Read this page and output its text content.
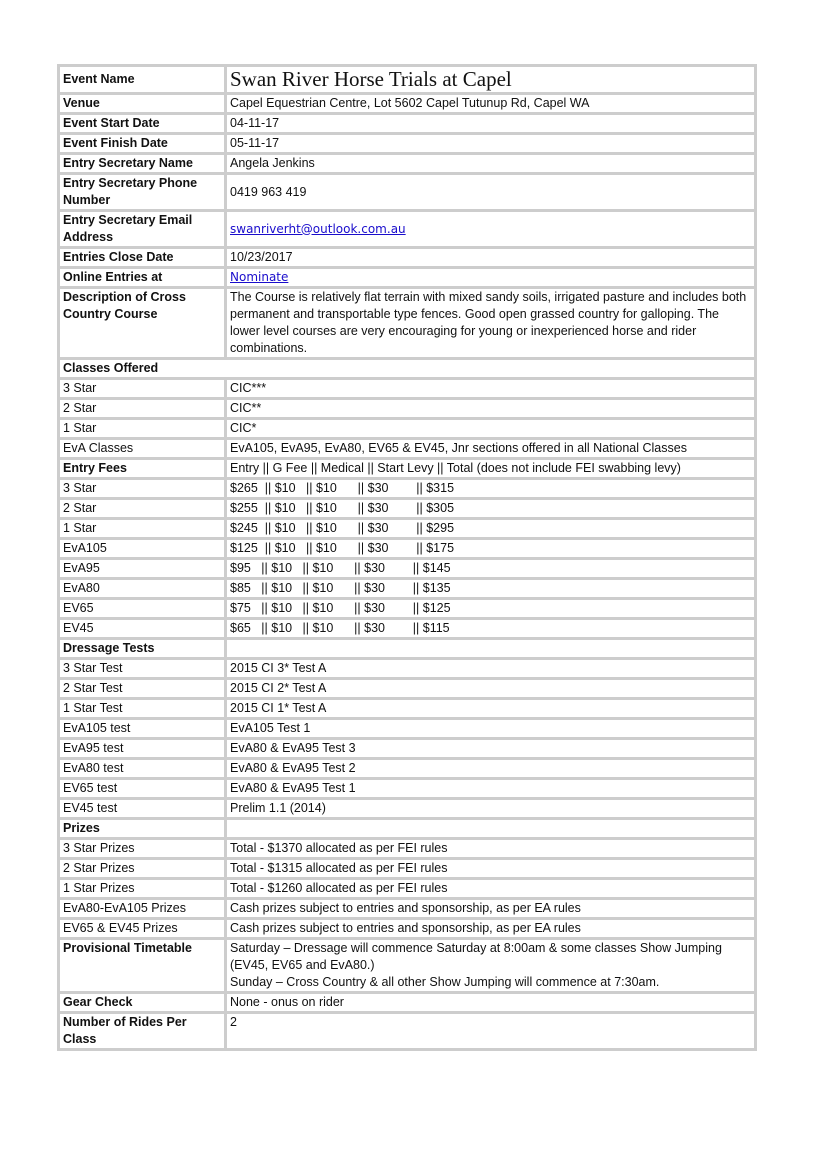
Event Name	Swan River Horse Trials at Capel
Venue	Capel Equestrian Centre, Lot 5602 Capel Tutunup Rd, Capel WA
Event Start Date	04-11-17
Event Finish Date	05-11-17
Entry Secretary Name	Angela Jenkins
Entry Secretary Phone Number	0419 963 419
Entry Secretary Email Address	swanriverht@outlook.com.au
Entries Close Date	10/23/2017
Online Entries at	Nominate
Description of Cross Country Course	The Course is relatively flat terrain with mixed sandy soils, irrigated pasture and includes both permanent and transportable type fences. Good open grassed country for galloping. The lower level courses are very encouraging for young or inexperienced horse and rider combinations.
Classes Offered	
3 Star	CIC***
2 Star	CIC**
1 Star	CIC*
EvA Classes	EvA105, EvA95, EvA80, EV65 & EV45, Jnr sections offered in all National Classes
Entry Fees	Entry || G Fee || Medical || Start Levy || Total (does not include FEI swabbing levy)
3 Star	$265  || $10   || $10      || $30        || $315
2 Star	$255  || $10   || $10      || $30        || $305
1 Star	$245  || $10   || $10      || $30        || $295
EvA105	$125  || $10   || $10      || $30        || $175
EvA95	$95   || $10   || $10      || $30        || $145
EvA80	$85   || $10   || $10      || $30        || $135
EV65	$75   || $10   || $10      || $30        || $125
EV45	$65   || $10   || $10      || $30        || $115
Dressage Tests	
3 Star Test	2015 CI 3* Test A
2 Star Test	2015 CI 2* Test A
1 Star Test	2015 CI 1* Test A
EvA105 test	EvA105 Test 1
EvA95 test	EvA80 & EvA95 Test 3
EvA80 test	EvA80 & EvA95 Test 2
EV65 test	EvA80 & EvA95 Test 1
EV45 test	Prelim 1.1 (2014)
Prizes	
3 Star Prizes	Total - $1370 allocated as per FEI rules
2 Star Prizes	Total - $1315 allocated as per FEI rules
1 Star Prizes	Total - $1260 allocated as per FEI rules
EvA80-EvA105 Prizes	Cash prizes subject to entries and sponsorship, as per EA rules
EV65 & EV45 Prizes	Cash prizes subject to entries and sponsorship, as per EA rules
Provisional Timetable	Saturday – Dressage will commence Saturday at 8:00am & some classes Show Jumping (EV45, EV65 and EvA80.)
Sunday – Cross Country & all other Show Jumping will commence at 7:30am.

Gear Check	None - onus on rider
Number of Rides Per Class	2
